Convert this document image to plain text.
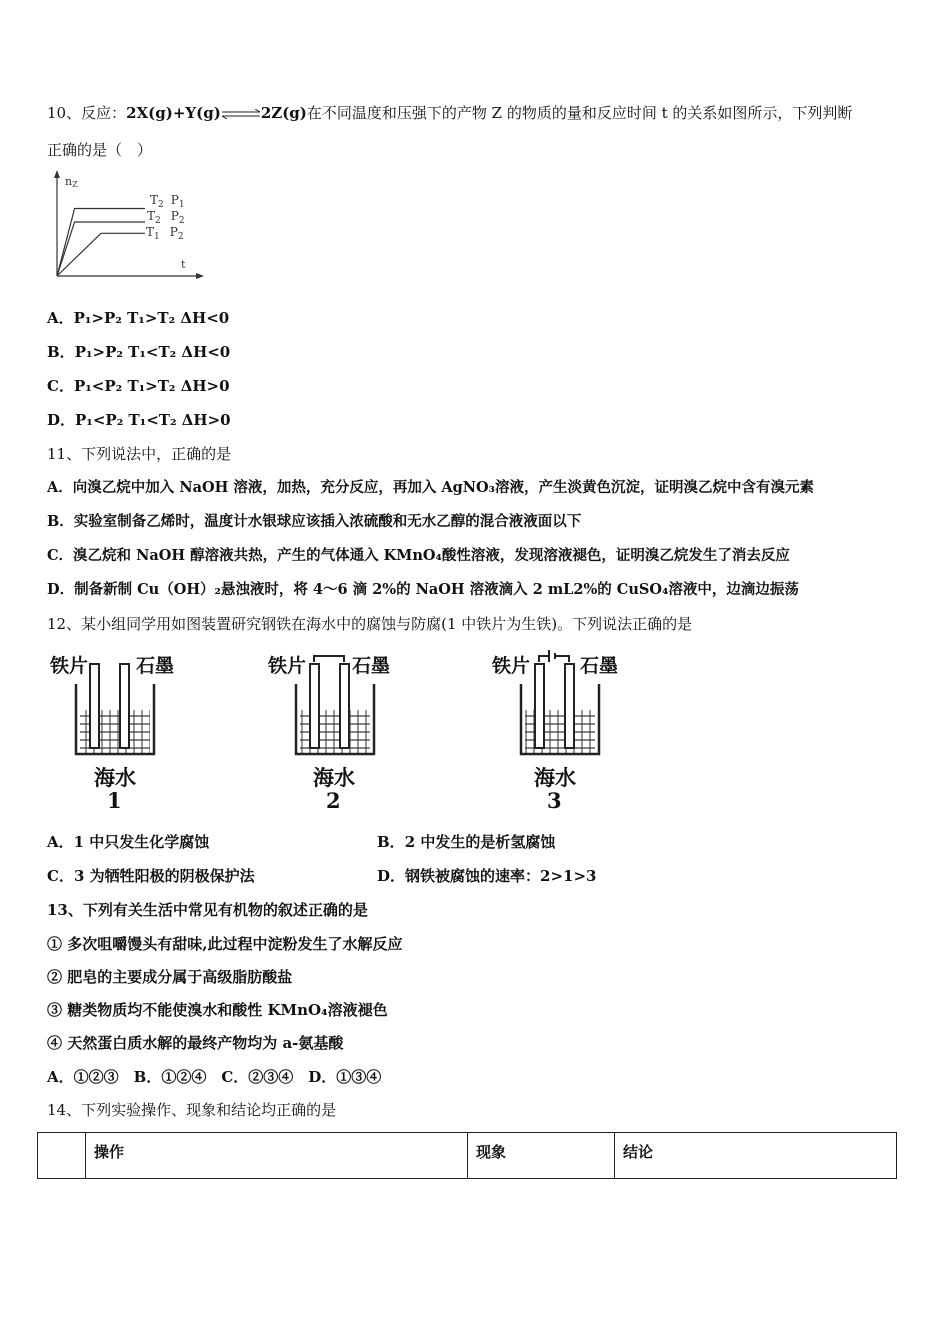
10、反应：2X(g)+Y(g)⇌2Z(g)在不同温度和压强下的产物 Z 的物质的量和反应时间 t 的关系如图所示，下列判断
正确的是（　）
nZ
t
$T_2$ $P_1$
$T_2$ $P_2$
$T_1$ $P_2$
A．P₁>P₂ T₁>T₂ ΔH<0
B．P₁>P₂ T₁<T₂ ΔH<0
C．P₁<P₂ T₁>T₂ ΔH>0
D．P₁<P₂ T₁<T₂ ΔH>0
11、下列说法中，正确的是
A．向溴乙烷中加入 NaOH 溶液，加热，充分反应，再加入 AgNO₃溶液，产生淡黄色沉淀，证明溴乙烷中含有溴元素
B．实验室制备乙烯时，温度计水银球应该插入浓硫酸和无水乙醇的混合液液面以下
C．溴乙烷和 NaOH 醇溶液共热，产生的气体通入 KMnO₄酸性溶液，发现溶液褪色，证明溴乙烷发生了消去反应
D．制备新制 Cu（OH）₂悬浊液时，将 4～6 滴 2%的 NaOH 溶液滴入 2 mL2%的 CuSO₄溶液中，边滴边振荡
12、某小组同学用如图装置研究钢铁在海水中的腐蚀与防腐(1 中铁片为生铁)。下列说法正确的是
铁片	石墨
海水
1
铁片 石墨
海水
2
铁片	石墨
海水
3
A．1 中只发生化学腐蚀	B．2 中发生的是析氢腐蚀
C．3 为牺牲阳极的阴极保护法	D．钢铁被腐蚀的速率：2>1>3
13、下列有关生活中常见有机物的叙述正确的是
① 多次咀嚼馒头有甜味,此过程中淀粉发生了水解反应
② 肥皂的主要成分属于高级脂肪酸盐
③ 糖类物质均不能使溴水和酸性 KMnO₄溶液褪色
④ 天然蛋白质水解的最终产物均为 a-氨基酸
A．①②③　B．①②④　C．②③④　D．①③④
14、下列实验操作、现象和结论均正确的是
	操作	现象	结论
